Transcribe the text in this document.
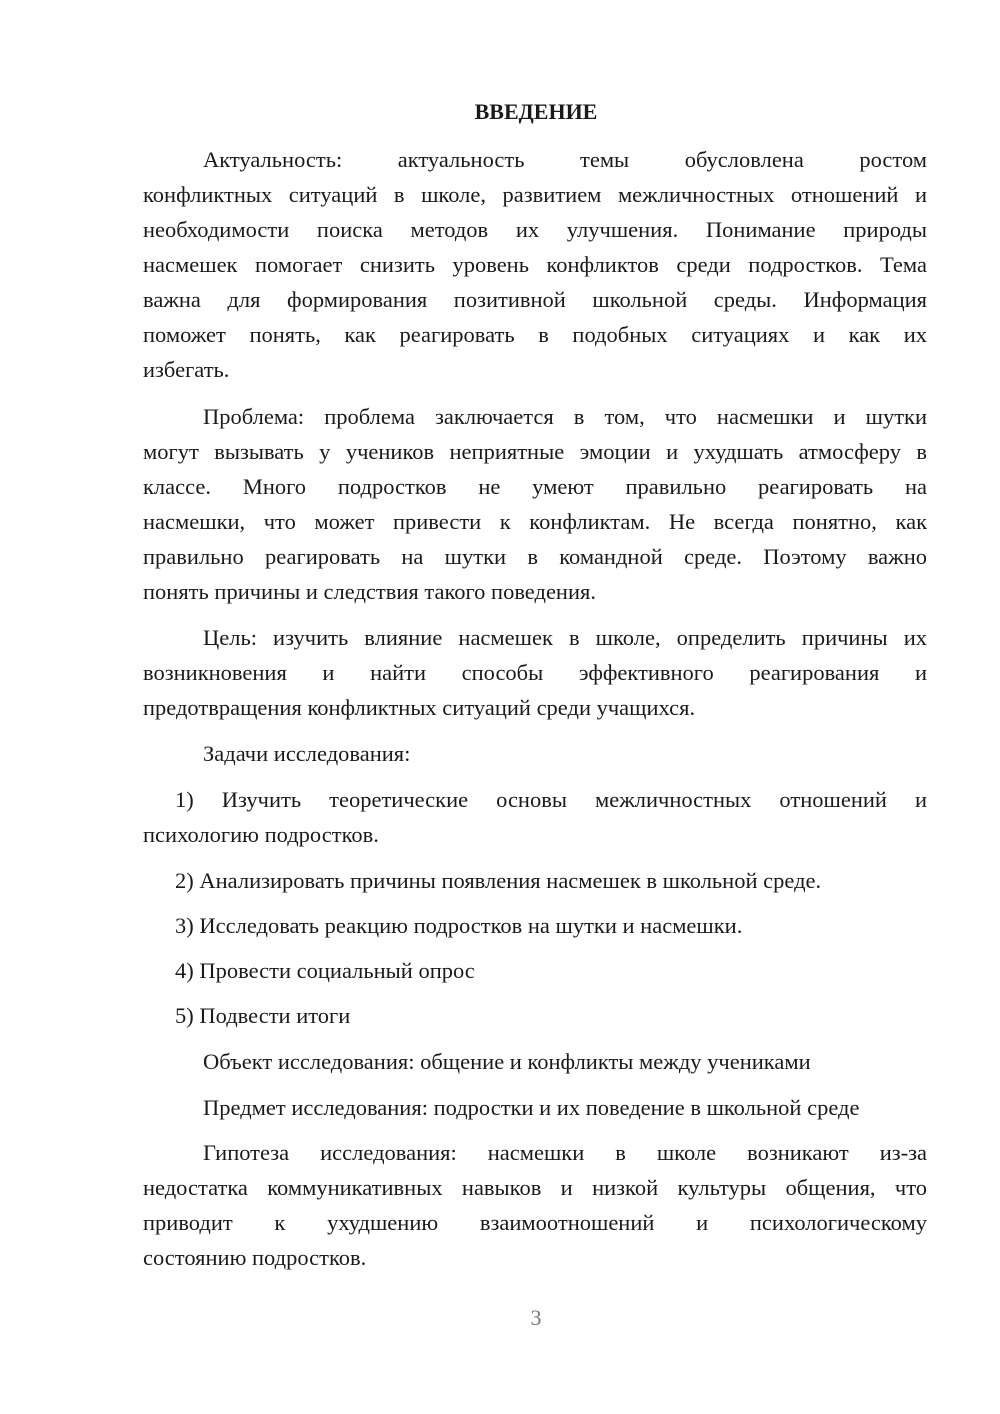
ВВЕДЕНИЕ
Актуальность: актуальность темы обусловлена ростом
конфликтных ситуаций в школе, развитием межличностных отношений и
необходимости поиска методов их улучшения. Понимание природы
насмешек помогает снизить уровень конфликтов среди подростков. Тема
важна для формирования позитивной школьной среды. Информация
поможет понять, как реагировать в подобных ситуациях и как их
избегать.
Проблема: проблема заключается в том, что насмешки и шутки
могут вызывать у учеников неприятные эмоции и ухудшать атмосферу в
классе. Много подростков не умеют правильно реагировать на
насмешки, что может привести к конфликтам. Не всегда понятно, как
правильно реагировать на шутки в командной среде. Поэтому важно
понять причины и следствия такого поведения.
Цель: изучить влияние насмешек в школе, определить причины их
возникновения и найти способы эффективного реагирования и
предотвращения конфликтных ситуаций среди учащихся.
Задачи исследования:
1) Изучить теоретические основы межличностных отношений и
психологию подростков.
2) Анализировать причины появления насмешек в школьной среде.
3) Исследовать реакцию подростков на шутки и насмешки.
4) Провести социальный опрос
5) Подвести итоги
Объект исследования: общение и конфликты между учениками
Предмет исследования: подростки и их поведение в школьной среде
Гипотеза исследования: насмешки в школе возникают из-за
недостатка коммуникативных навыков и низкой культуры общения, что
приводит к ухудшению взаимоотношений и психологическому
состоянию подростков.
3
